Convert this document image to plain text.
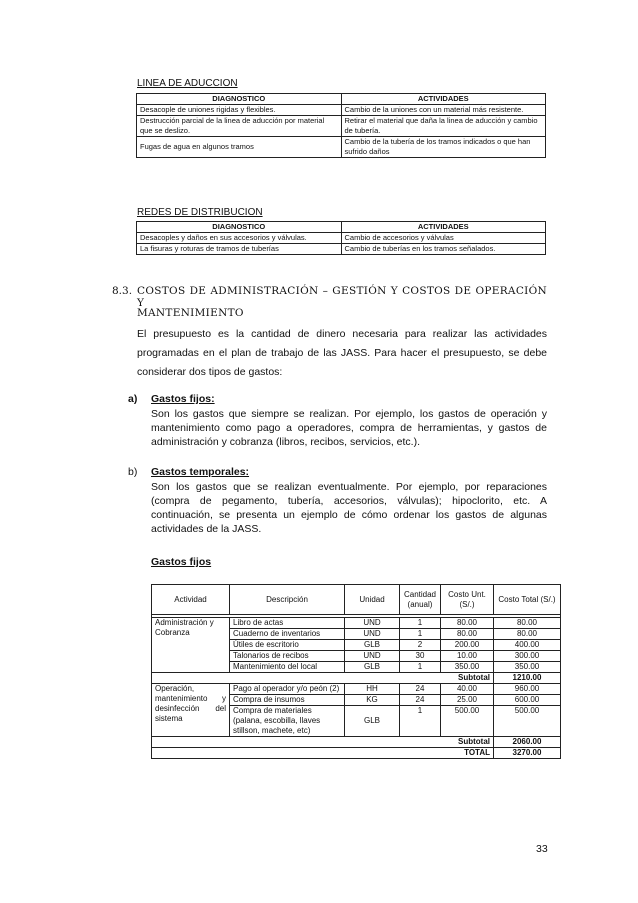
LINEA DE ADUCCION
DIAGNOSTICO	ACTIVIDADES
Desacople de uniones rigidas y flexibles.	Cambio de la uniones con un material más resistente.
Destrucción parcial de la linea de aducción por material que se deslizo.	Retirar el material que daña la linea de aducción y cambio de tubería.
Fugas de agua en algunos tramos	Cambio de la tubería de los tramos indicados o que han sufrido daños
REDES DE DISTRIBUCION
DIAGNOSTICO	ACTIVIDADES
Desacoples y daños en sus accesorios y válvulas.	Cambio de accesorios y válvulas
La fisuras y roturas de tramos de tuberías	Cambio de tuberías en los tramos señalados.
8.3. COSTOS DE ADMINISTRACIÓN – GESTIÓN Y COSTOS DE OPERACIÓN Y
MANTENIMIENTO
El presupuesto es la cantidad de dinero necesaria para realizar las actividades programadas en el plan de trabajo de las JASS. Para hacer el presupuesto, se debe considerar dos tipos de gastos:
a) Gastos fijos:
Son los gastos que siempre se realizan. Por ejemplo, los gastos de operación y mantenimiento como pago a operadores, compra de herramientas, y gastos de administración y cobranza (libros, recibos, servicios, etc.).
b) Gastos temporales:
Son los gastos que se realizan eventualmente. Por ejemplo, por reparaciones (compra de pegamento, tubería, accesorios, válvulas); hipoclorito, etc. A continuación, se presenta un ejemplo de cómo ordenar los gastos de algunas actividades de la JASS.
Gastos fijos
Actividad	Descripción	Unidad	Cantidad (anual)	Costo Unt. (S/.)	Costo Total (S/.)

Administración y Cobranza	Libro de actas	UND	1	80.00	80.00
	Cuaderno de inventarios	UND	1	80.00	80.00
	Útiles de escritorio	GLB	2	200.00	400.00
	Talonarios de recibos	UND	30	10.00	300.00
	Mantenimiento del local	GLB	1	350.00	350.00
Subtotal					1210.00
Operación, mantenimiento y desinfección del sistema	Pago al operador y/o peón (2)	HH	24	40.00	960.00
	Compra de insumos	KG	24	25.00	600.00
	Compra de materiales (palana, escobilla, llaves stillson, machete, etc)	GLB	1	500.00	500.00
Subtotal					2060.00
TOTAL					3270.00
33
